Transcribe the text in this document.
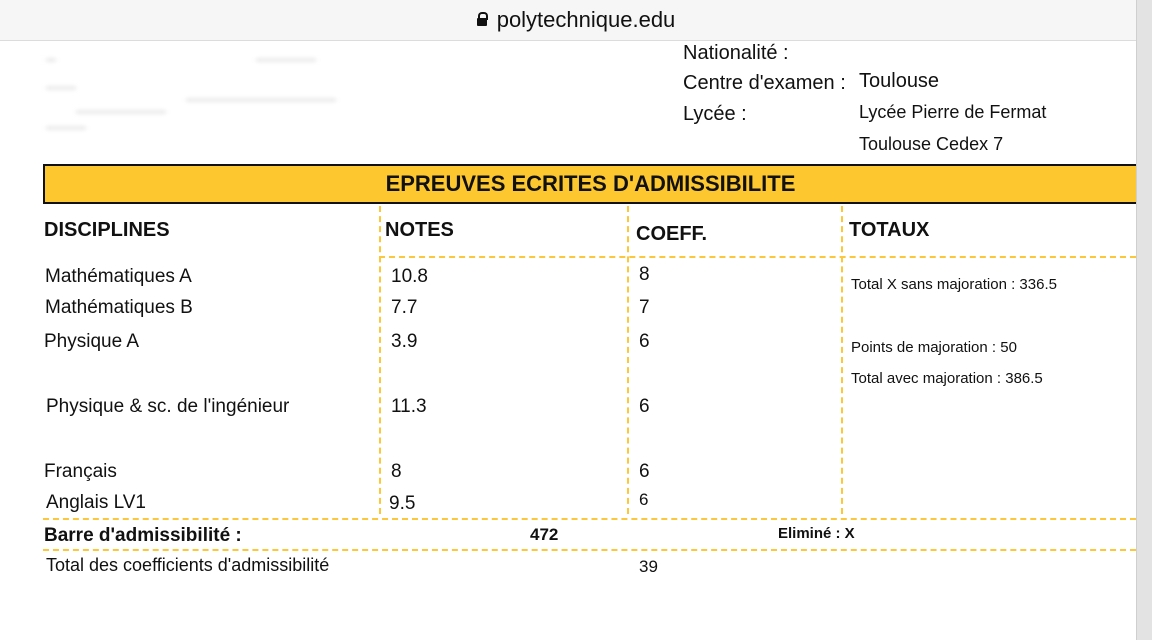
polytechnique.edu
Nationalité :
Centre d'examen : Toulouse
Lycée :	Lycée Pierre de Fermat
Toulouse Cedex 7
EPREUVES ECRITES D'ADMISSIBILITE
DISCIPLINES	NOTES	COEFF.	TOTAUX
Mathématiques A	10.8	8
Mathématiques B	7.7	7
Physique A	3.9	6
Physique & sc. de l'ingénieur	11.3	6
Français	8	6
Anglais LV1	9.5	6
Total X sans majoration : 336.5
Points de majoration : 50
Total avec majoration : 386.5
Barre d'admissibilité :	472	Eliminé : X
Total des coefficients d'admissibilité	39
